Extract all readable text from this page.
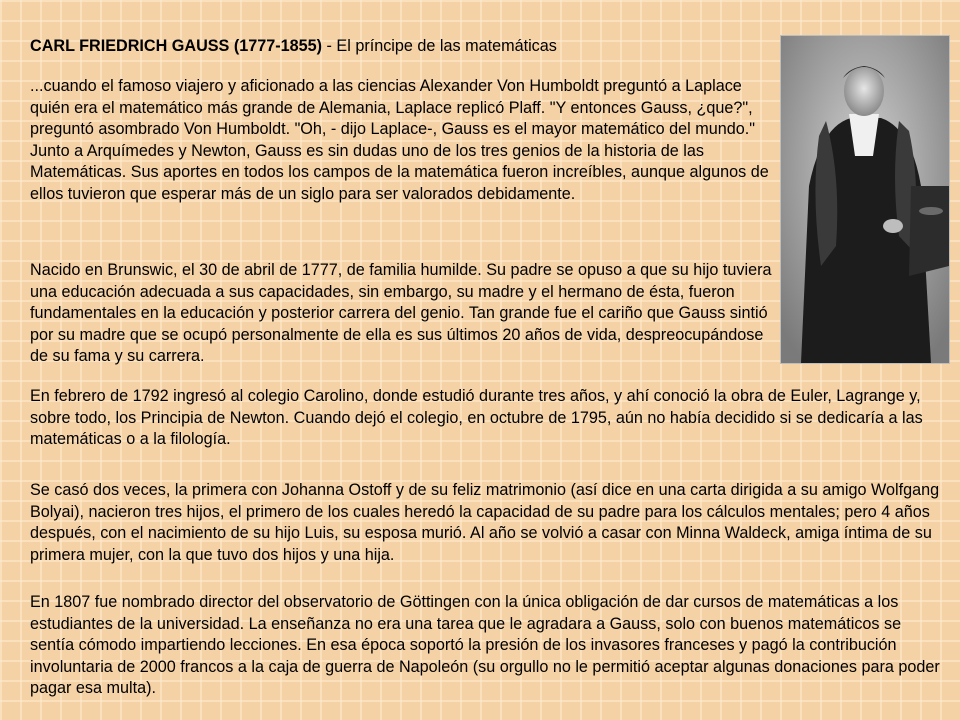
CARL FRIEDRICH GAUSS (1777-1855) - El príncipe de las matemáticas

...cuando el famoso viajero y aficionado a las ciencias Alexander Von Humboldt preguntó a Laplace quién era el matemático más grande de Alemania, Laplace replicó Plaff. "Y entonces Gauss, ¿que?", preguntó asombrado Von Humboldt. "Oh, - dijo Laplace-, Gauss es el mayor matemático del mundo." Junto a Arquímedes y Newton, Gauss es sin dudas uno de los tres genios de la historia de las Matemáticas. Sus aportes en todos los campos de la matemática fueron increíbles, aunque algunos de ellos tuvieron que esperar más de un siglo para ser valorados debidamente.

Nacido en Brunswic, el 30 de abril de 1777, de familia humilde. Su padre se opuso a que su hijo tuviera una educación adecuada a sus capacidades, sin embargo, su madre y el hermano de ésta, fueron fundamentales en la educación y posterior carrera del genio. Tan grande fue el cariño que Gauss sintió por su madre que se ocupó personalmente de ella es sus últimos 20 años de vida, despreocupándose de su fama y su carrera.

En febrero de 1792 ingresó al colegio Carolino, donde estudió durante tres años, y ahí conoció la obra de Euler, Lagrange y, sobre todo, los Principia de Newton. Cuando dejó el colegio, en octubre de 1795, aún no había decidido si se dedicaría a las matemáticas o a la filología.

Se casó dos veces, la primera con Johanna Ostoff y de su feliz matrimonio (así dice en una carta dirigida a su amigo Wolfgang Bolyai), nacieron tres hijos, el primero de los cuales heredó la capacidad de su padre para los cálculos mentales; pero 4 años después, con el nacimiento de su hijo Luis, su esposa murió. Al año se volvió a casar con Minna Waldeck, amiga íntima de su primera mujer, con la que tuvo dos hijos y una hija.

En 1807 fue nombrado director del observatorio de Göttingen con la única obligación de dar cursos de matemáticas a los estudiantes de la universidad. La enseñanza no era una tarea que le agradara a Gauss, solo con buenos matemáticos se sentía cómodo impartiendo lecciones. En esa época soportó la presión de los invasores franceses y pagó la contribución involuntaria de 2000 francos a la caja de guerra de Napoleón (su orgullo no le permitió aceptar algunas donaciones para poder pagar esa multa).
